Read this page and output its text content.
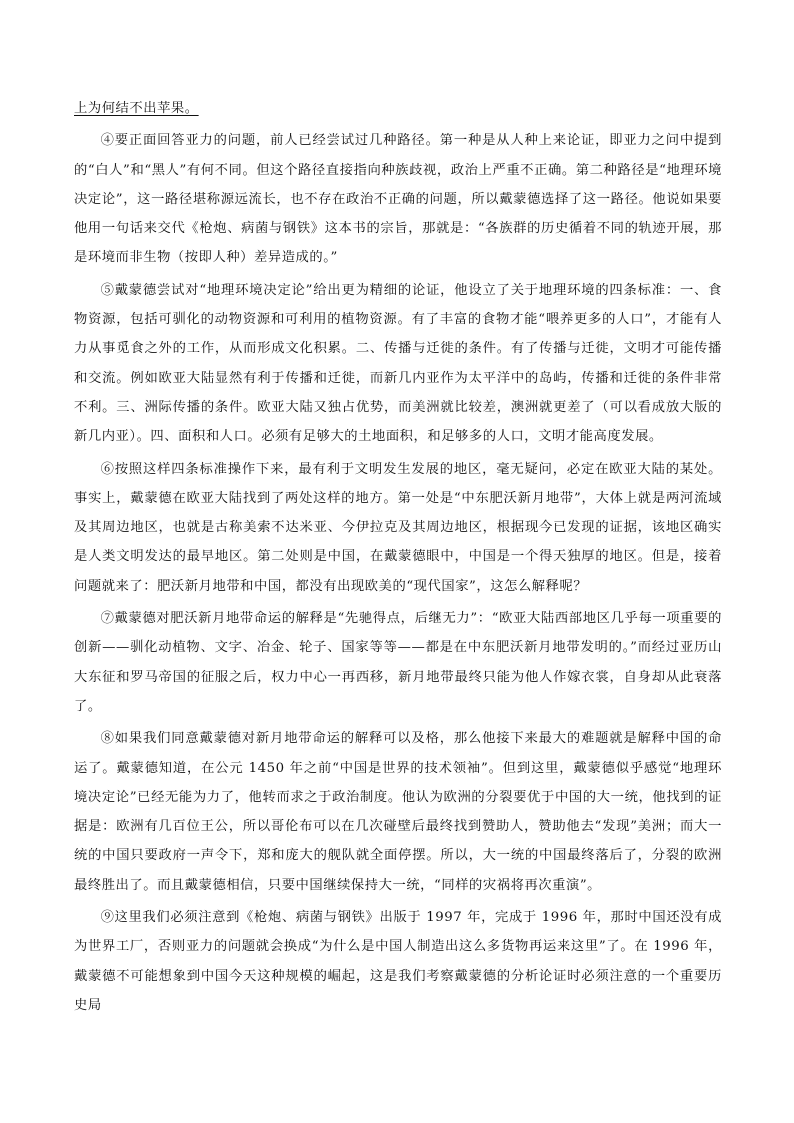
上为何结不出苹果。

④要正面回答亚力的问题，前人已经尝试过几种路径。第一种是从人种上来论证，即亚力之问中提到的“白人”和“黑人”有何不同。但这个路径直接指向种族歧视，政治上严重不正确。第二种路径是“地理环境决定论”，这一路径堪称源远流长，也不存在政治不正确的问题，所以戴蒙德选择了这一路径。他说如果要他用一句话来交代《枪炮、病菌与钢铁》这本书的宗旨，那就是：“各族群的历史循着不同的轨迹开展，那是环境而非生物（按即人种）差异造成的。”

⑤戴蒙德尝试对“地理环境决定论”给出更为精细的论证，他设立了关于地理环境的四条标准：一、食物资源，包括可驯化的动物资源和可利用的植物资源。有了丰富的食物才能“喂养更多的人口”，才能有人力从事觅食之外的工作，从而形成文化积累。二、传播与迁徙的条件。有了传播与迁徙，文明才可能传播和交流。例如欧亚大陆显然有利于传播和迁徙，而新几内亚作为太平洋中的岛屿，传播和迁徙的条件非常不利。三、洲际传播的条件。欧亚大陆又独占优势，而美洲就比较差，澳洲就更差了（可以看成放大版的新几内亚）。四、面积和人口。必须有足够大的土地面积，和足够多的人口，文明才能高度发展。

⑥按照这样四条标准操作下来，最有利于文明发生发展的地区，毫无疑问，必定在欧亚大陆的某处。事实上，戴蒙德在欧亚大陆找到了两处这样的地方。第一处是“中东肥沃新月地带”，大体上就是两河流域及其周边地区，也就是古称美索不达米亚、今伊拉克及其周边地区，根据现今已发现的证据，该地区确实是人类文明发达的最早地区。第二处则是中国，在戴蒙德眼中，中国是一个得天独厚的地区。但是，接着问题就来了：肥沃新月地带和中国，都没有出现欧美的“现代国家”，这怎么解释呢？

⑦戴蒙德对肥沃新月地带命运的解释是“先驰得点，后继无力”：“欧亚大陆西部地区几乎每一项重要的创新——驯化动植物、文字、冶金、轮子、国家等等——都是在中东肥沃新月地带发明的。”而经过亚历山大东征和罗马帝国的征服之后，权力中心一再西移，新月地带最终只能为他人作嫁衣裳，自身却从此衰落了。

⑧如果我们同意戴蒙德对新月地带命运的解释可以及格，那么他接下来最大的难题就是解释中国的命运了。戴蒙德知道，在公元 1450 年之前“中国是世界的技术领袖”。但到这里，戴蒙德似乎感觉“地理环境决定论”已经无能为力了，他转而求之于政治制度。他认为欧洲的分裂要优于中国的大一统，他找到的证据是：欧洲有几百位王公，所以哥伦布可以在几次碰壁后最终找到赞助人，赞助他去“发现”美洲；而大一统的中国只要政府一声令下，郑和庞大的舰队就全面停摆。所以，大一统的中国最终落后了，分裂的欧洲最终胜出了。而且戴蒙德相信，只要中国继续保持大一统，“同样的灾祸将再次重演”。

⑨这里我们必须注意到《枪炮、病菌与钢铁》出版于 1997 年，完成于 1996 年，那时中国还没有成为世界工厂，否则亚力的问题就会换成“为什么是中国人制造出这么多货物再运来这里”了。在 1996 年，戴蒙德不可能想象到中国今天这种规模的崛起，这是我们考察戴蒙德的分析论证时必须注意的一个重要历史局
